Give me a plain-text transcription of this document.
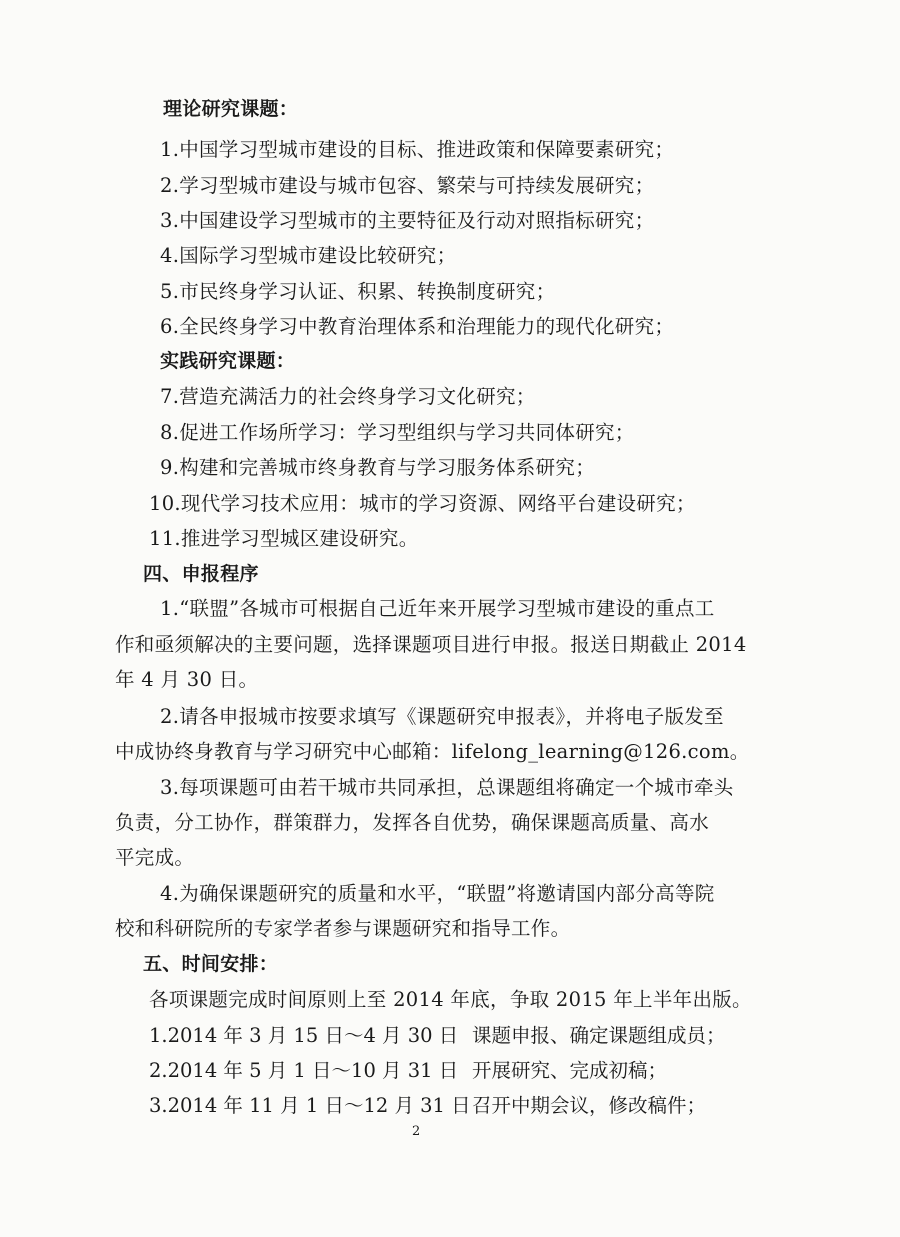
理论研究课题：
1.中国学习型城市建设的目标、推进政策和保障要素研究；
2.学习型城市建设与城市包容、繁荣与可持续发展研究；
3.中国建设学习型城市的主要特征及行动对照指标研究；
4.国际学习型城市建设比较研究；
5.市民终身学习认证、积累、转换制度研究；
6.全民终身学习中教育治理体系和治理能力的现代化研究；
实践研究课题：
7.营造充满活力的社会终身学习文化研究；
8.促进工作场所学习：学习型组织与学习共同体研究；
9.构建和完善城市终身教育与学习服务体系研究；
10.现代学习技术应用：城市的学习资源、网络平台建设研究；
11.推进学习型城区建设研究。
四、申报程序
1.“联盟”各城市可根据自己近年来开展学习型城市建设的重点工
作和亟须解决的主要问题，选择课题项目进行申报。报送日期截止 2014
年 4 月 30 日。
2.请各申报城市按要求填写《课题研究申报表》，并将电子版发至
中成协终身教育与学习研究中心邮箱：lifelong_learning@126.com。
3.每项课题可由若干城市共同承担，总课题组将确定一个城市牵头
负责，分工协作，群策群力，发挥各自优势，确保课题高质量、高水
平完成。
4.为确保课题研究的质量和水平，“联盟”将邀请国内部分高等院
校和科研院所的专家学者参与课题研究和指导工作。
五、时间安排：
各项课题完成时间原则上至 2014 年底，争取 2015 年上半年出版。
1.2014 年 3 月 15 日～4 月 30 日 课题申报、确定课题组成员；
2.2014 年 5 月 1 日～10 月 31 日 开展研究、完成初稿；
3.2014 年 11 月 1 日～12 月 31 日 召开中期会议，修改稿件；
2
